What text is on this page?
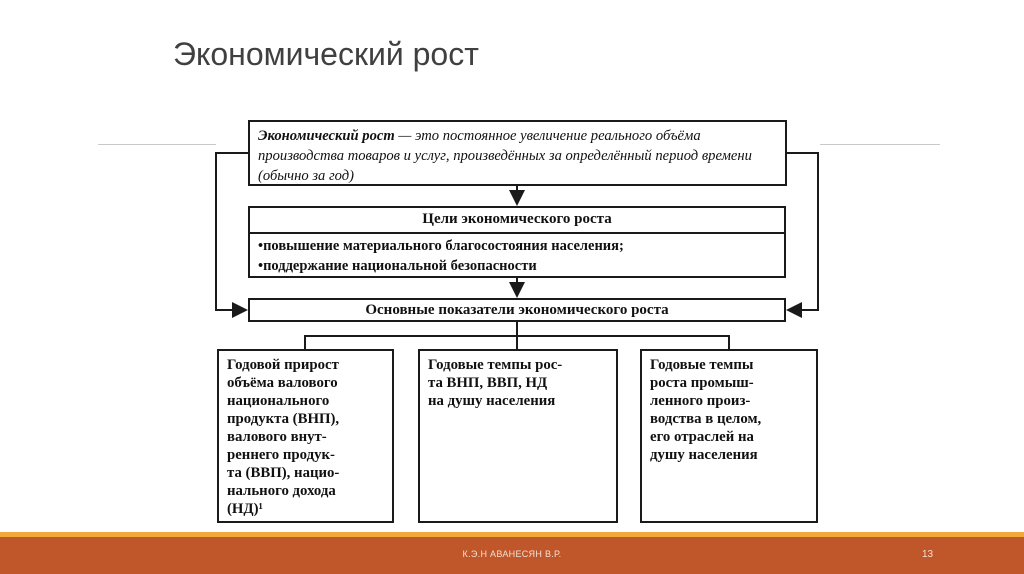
Экономический рост
Экономический рост — это постоянное увеличение реального объёма производства товаров и услуг, произведённых за определённый период времени (обычно за год)
Цели экономического роста
• повышение материального благосостояния населения;
• поддержание национальной безопасности
Основные показатели экономического роста
Годовой прирост
объёма валового
национального
продукта (ВНП),
валового внут-
реннего продук-
та (ВВП), нацио-
нального дохода
(НД)¹
Годовые темпы рос-
та ВНП, ВВП, НД
на душу населения
Годовые темпы
роста промыш-
ленного произ-
водства в целом,
его отраслей на
душу населения
К.Э.Н АВАНЕСЯН В.Р.	13
